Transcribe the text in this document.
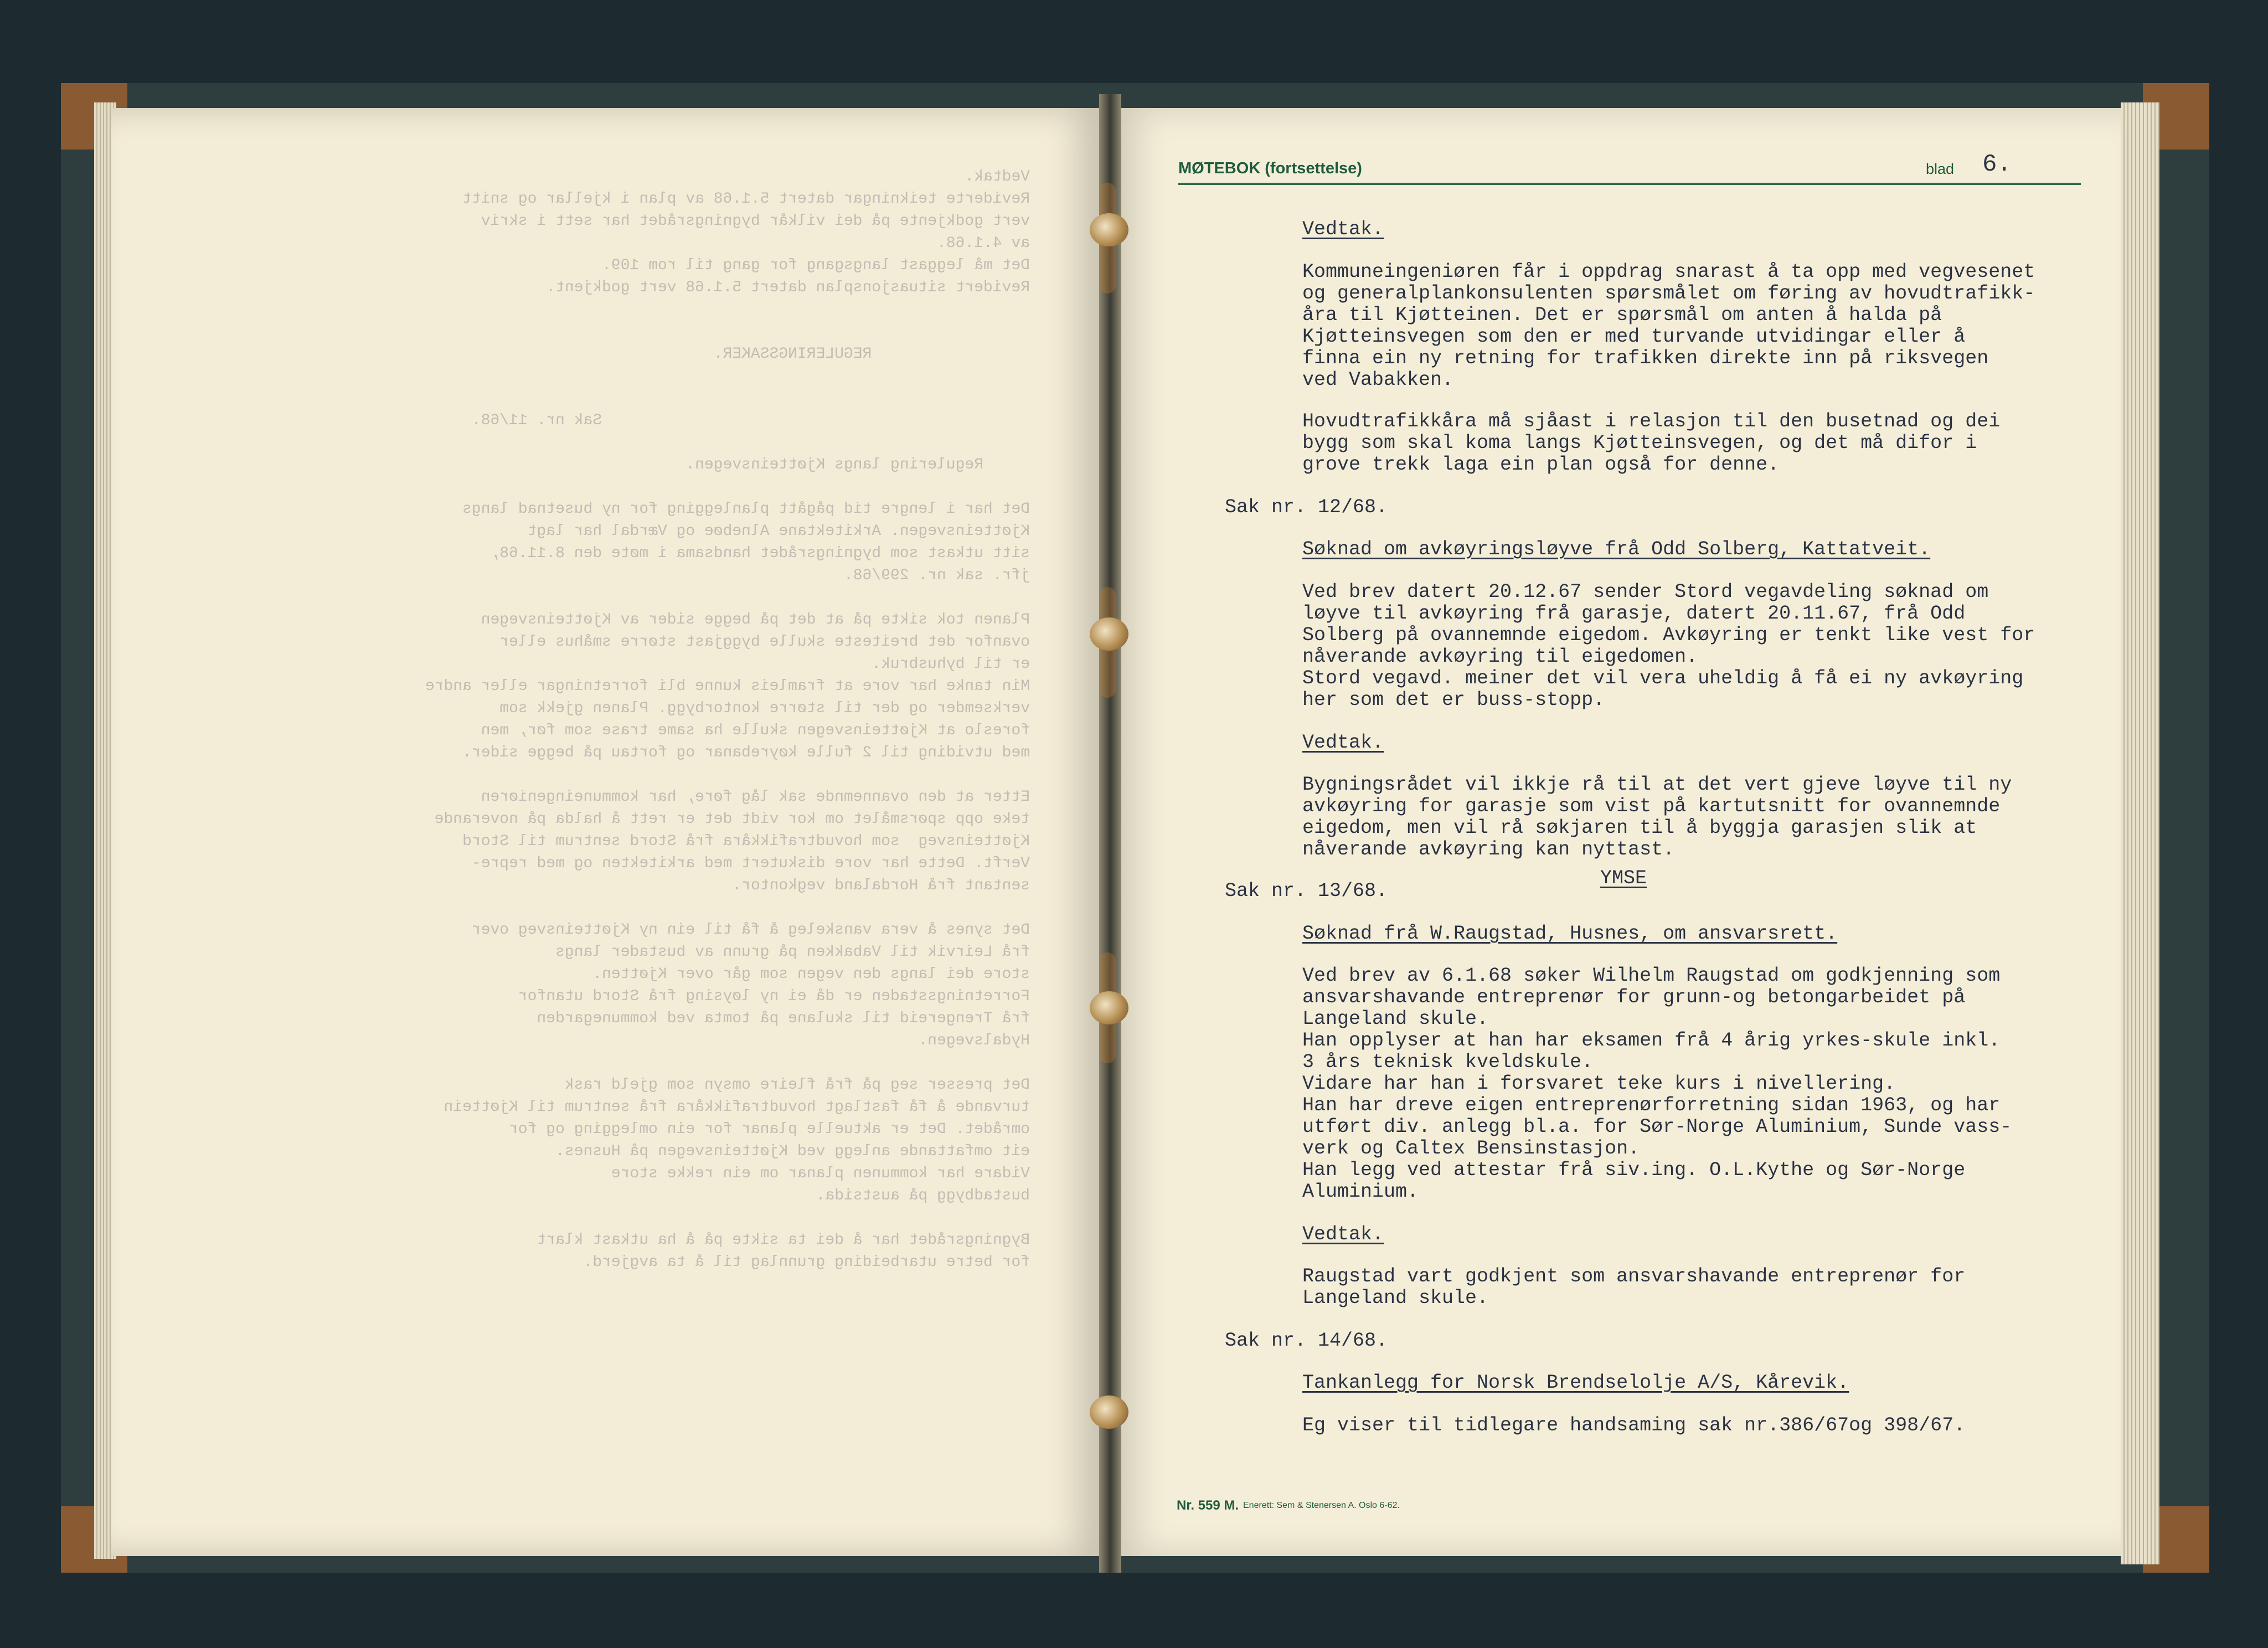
Vedtak.
Reviderte teikningar datert 5.1.68 av plan i kjellar og snitt
vert godkjente på dei vilkår bygningsrådet har sett i skriv
av 4.1.68.
Det må leggast langsgang for gang til rom 109.
Revidert situasjonsplan datert 5.1.68 vert godkjent.

REGULERINGSSAKER.

Sak nr. 11/68.

Regulering langs Kjøtteinsvegen.

Det har i lengre tid pågått planlegging for ny busetnad langs
Kjøtteinsvegen. Arkitektane Alnebøe og Værdal har lagt
sitt utkast som bygningsrådet handsama i møte den 8.11.68,
jfr. sak nr. 299/68.

Planen tok sikte på at det på begge sider av Kjøtteinsvegen
ovanfor det breiteste skulle byggjast større småhus eller
er til byhusbruk.
Min tanke har vore at framleis kunne bli forretningar eller andre
verksemder og der til større kontorbygg. Planen gjekk som
foreslo at Kjøtteinsvegen skulle ha same trase som før, men
med utviding til 2 fulle køyrebanar og fortau på begge sider.

Etter at den ovannemnde sak låg føre, har kommuneingeniøren
teke opp spørsmålet om kor vidt det er rett å halda på noverande
Kjøtteinsveg  som hovudtrafikkåra frå Stord sentrum til Stord
Verft. Dette har vore diskutert med arkitekten og med repre-
sentant frå Hordaland vegkontor.

Det synes å vera vanskeleg å få til ein ny Kjøtteinsveg over
frå Leirvik til Vabakken på grunn av bustader langs
store dei langs den vegen som går over Kjøtten.
Forretningsstaden er då ei ny løysing frå Stord utanfor
frå Trengereid til skulane på tomta ved kommunegarden
Hydalsvegen.

Det presser seg på frå fleire omsyn som gjeld rask
turvande å få fastlagt hovudtrafikkåra frå sentrum til Kjøttein
området. Det er aktuelle planar for ein omlegging og for
eit omfattande anlegg ved Kjøtteinsvegen på Husnes.
Vidare har kommunen planar om ein rekke store
bustadbygg på austsida.

Bygningsrådet har å dei ta sikte på å ha utkast klart
for betre utarbeiding grunnlag til å ta avgjerd.
MØTEBOK (fortsettelse)	blad 6.
Vedtak.
Kommuneingeniøren får i oppdrag snarast å ta opp med vegvesenet
og generalplankonsulenten spørsmålet om føring av hovudtrafikk-
åra til Kjøtteinen. Det er spørsmål om anten å halda på
Kjøtteinsvegen som den er med turvande utvidingar eller å
finna ein ny retning for trafikken direkte inn på riksvegen
ved Vabakken.
Hovudtrafikkåra må sjåast i relasjon til den busetnad og dei
bygg som skal koma langs Kjøtteinsvegen, og det må difor i
grove trekk laga ein plan også for denne.
Sak nr. 12/68.
Søknad om avkøyringsløyve frå Odd Solberg, Kattatveit.
Ved brev datert 20.12.67 sender Stord vegavdeling søknad om
løyve til avkøyring frå garasje, datert 20.11.67, frå Odd
Solberg på ovannemnde eigedom. Avkøyring er tenkt like vest for
nåverande avkøyring til eigedomen.
Stord vegavd. meiner det vil vera uheldig å få ei ny avkøyring
her som det er buss-stopp.
Vedtak.
Bygningsrådet vil ikkje rå til at det vert gjeve løyve til ny
avkøyring for garasje som vist på kartutsnitt for ovannemnde
eigedom, men vil rå søkjaren til å byggja garasjen slik at
nåverande avkøyring kan nyttast.
YMSE
Sak nr. 13/68.
Søknad frå W.Raugstad, Husnes, om ansvarsrett.
Ved brev av 6.1.68 søker Wilhelm Raugstad om godkjenning som
ansvarshavande entreprenør for grunn-og betongarbeidet på
Langeland skule.
Han opplyser at han har eksamen frå 4 årig yrkes-skule inkl.
3 års teknisk kveldskule.
Vidare har han i forsvaret teke kurs i nivellering.
Han har dreve eigen entreprenørforretning sidan 1963, og har
utført div. anlegg bl.a. for Sør-Norge Aluminium, Sunde vass-
verk og Caltex Bensinstasjon.
Han legg ved attestar frå siv.ing. O.L.Kythe og Sør-Norge
Aluminium.
Vedtak.
Raugstad vart godkjent som ansvarshavande entreprenør for
Langeland skule.
Sak nr. 14/68.
Tankanlegg for Norsk Brendselolje A/S, Kårevik.
Eg viser til tidlegare handsaming sak nr.386/67og 398/67.
Nr. 559 M. Enerett: Sem & Stenersen A. Oslo 6-62.
